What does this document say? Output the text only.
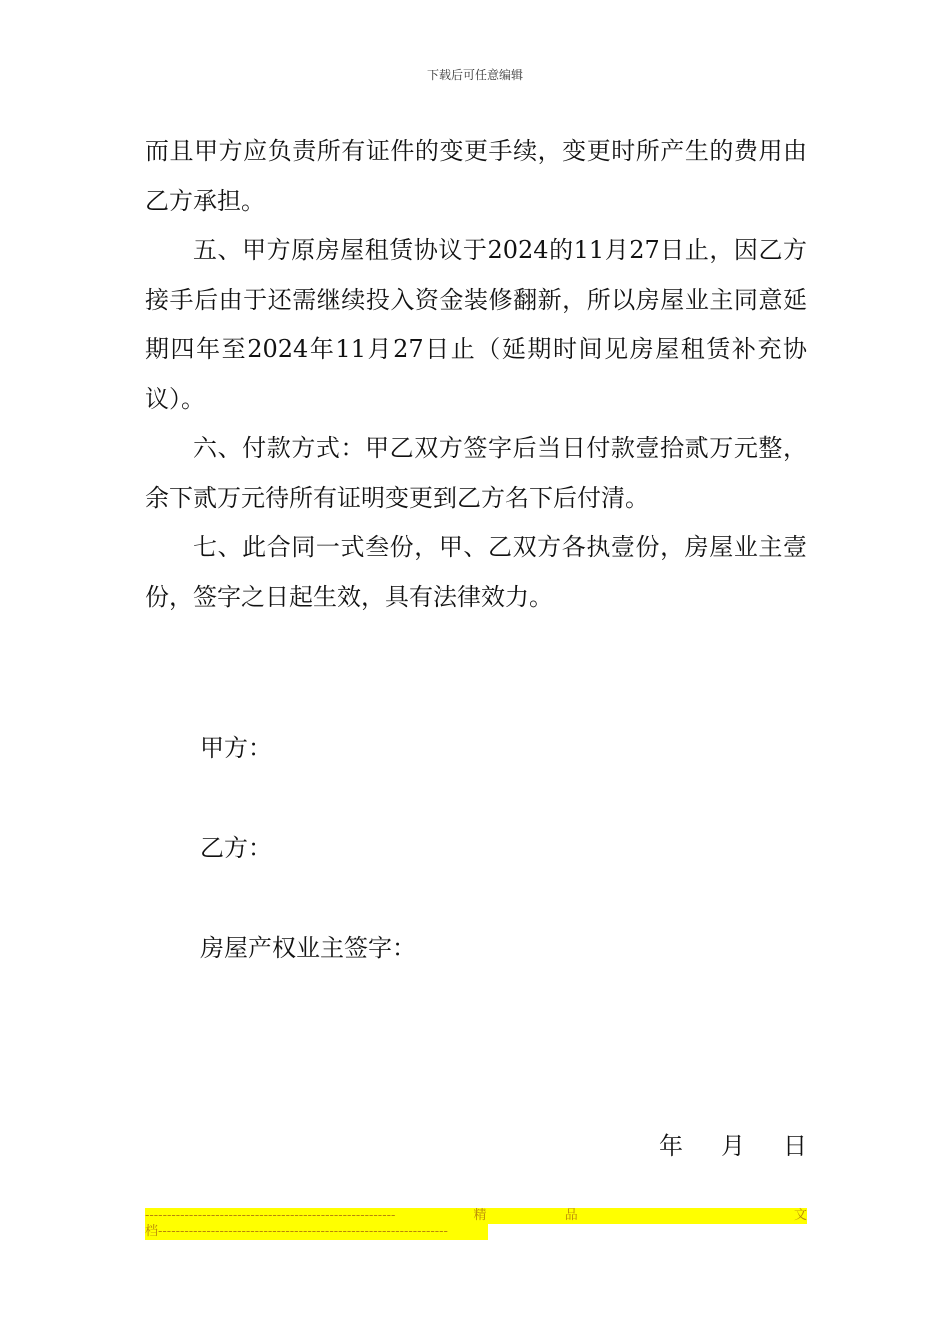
下载后可任意编辑

而且甲方应负责所有证件的变更手续，变更时所产生的费用由乙方承担。

五、甲方原房屋租赁协议于2024的11月27日止，因乙方接手后由于还需继续投入资金装修翻新，所以房屋业主同意延期四年至2024年11月27日止（延期时间见房屋租赁补充协议）。

六、付款方式：甲乙双方签字后当日付款壹拾贰万元整，余下贰万元待所有证明变更到乙方名下后付清。

七、此合同一式叁份，甲、乙双方各执壹份，房屋业主壹份，签字之日起生效，具有法律效力。

甲方：
乙方：
房屋产权业主签字：
年 月 日
---------------------------------------------------------	精	品	文
档------------------------------------------------------------------
